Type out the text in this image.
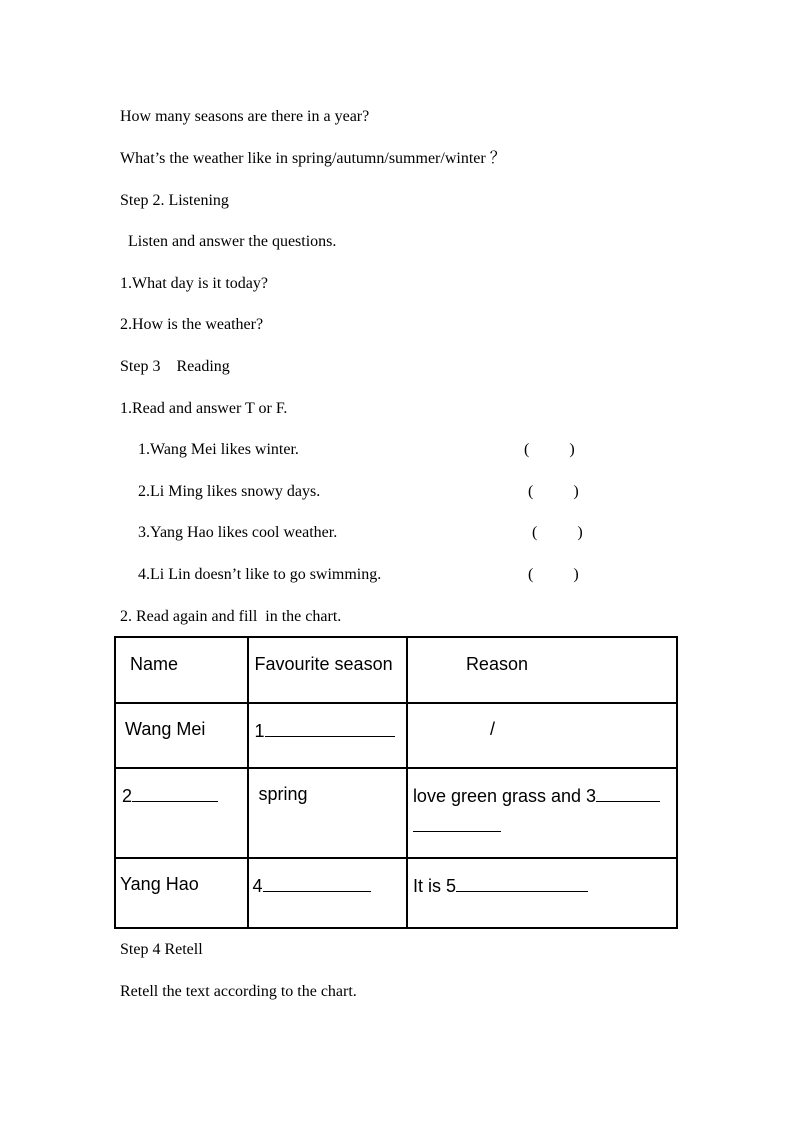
How many seasons are there in a year?
What’s the weather like in spring/autumn/summer/winter ？
Step 2. Listening
Listen and answer the questions.
1.What day is it today?
2.How is the weather?
Step 3    Reading
1.Read and answer T or F.
1.Wang Mei likes winter.	(          )
2.Li Ming likes snowy days.	(          )
3.Yang Hao likes cool weather.	(          )
4.Li Lin doesn’t like to go swimming.	(          )
2. Read again and fill  in the chart.
Name	Favourite season	Reason

Wang Mei	1	/

2	spring	love green grass and 3

Yang Hao	4	It is 5
Step 4 Retell
Retell the text according to the chart.
